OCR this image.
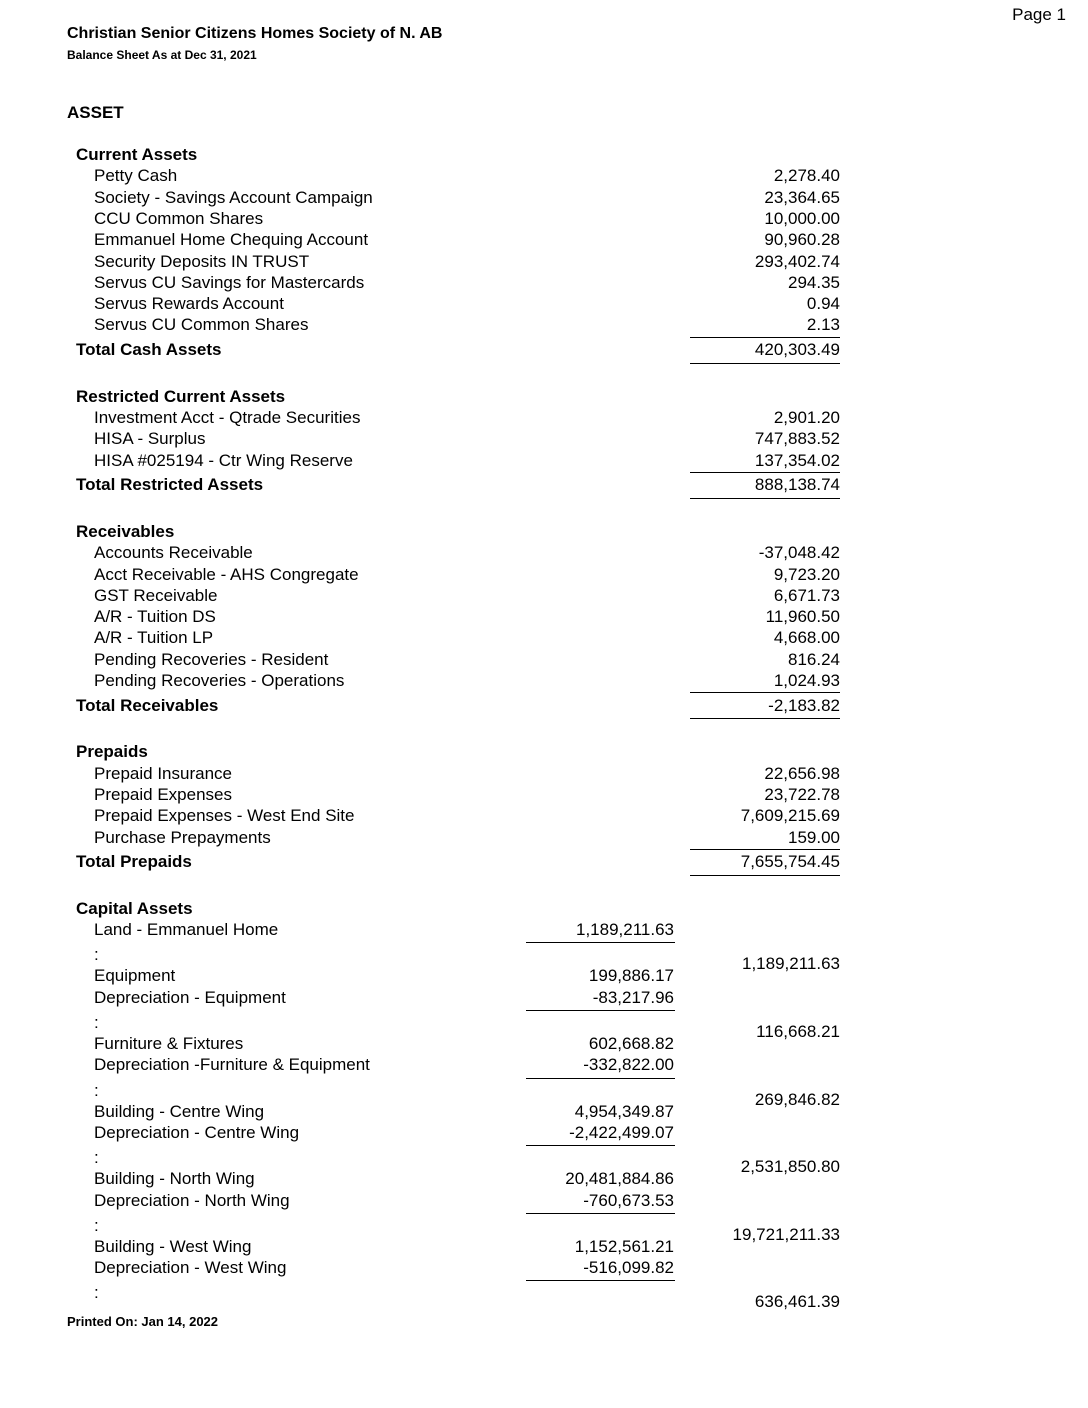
Page 1
Christian Senior Citizens Homes Society of N. AB
Balance Sheet As at Dec 31, 2021
ASSET
Current Assets
Petty Cash	2,278.40
Society - Savings Account Campaign	23,364.65
CCU Common Shares	10,000.00
Emmanuel Home Chequing Account	90,960.28
Security Deposits IN TRUST	293,402.74
Servus CU Savings for Mastercards	294.35
Servus Rewards Account	0.94
Servus CU Common Shares	2.13
Total Cash Assets	420,303.49
Restricted Current Assets
Investment Acct - Qtrade Securities	2,901.20
HISA - Surplus	747,883.52
HISA #025194 - Ctr Wing Reserve	137,354.02
Total Restricted Assets	888,138.74
Receivables
Accounts Receivable	-37,048.42
Acct Receivable - AHS Congregate	9,723.20
GST Receivable	6,671.73
A/R - Tuition DS	11,960.50
A/R - Tuition LP	4,668.00
Pending Recoveries - Resident	816.24
Pending Recoveries - Operations	1,024.93
Total Receivables	-2,183.82
Prepaids
Prepaid Insurance	22,656.98
Prepaid Expenses	23,722.78
Prepaid Expenses - West End Site	7,609,215.69
Purchase Prepayments	159.00
Total Prepaids	7,655,754.45
Capital Assets
Land - Emmanuel Home	1,189,211.63
:	1,189,211.63
Equipment	199,886.17
Depreciation - Equipment	-83,217.96
:	116,668.21
Furniture & Fixtures	602,668.82
Depreciation -Furniture & Equipment	-332,822.00
:	269,846.82
Building - Centre Wing	4,954,349.87
Depreciation - Centre Wing	-2,422,499.07
:	2,531,850.80
Building - North Wing	20,481,884.86
Depreciation - North Wing	-760,673.53
:	19,721,211.33
Building - West Wing	1,152,561.21
Depreciation - West Wing	-516,099.82
:	636,461.39
Printed On: Jan 14, 2022
